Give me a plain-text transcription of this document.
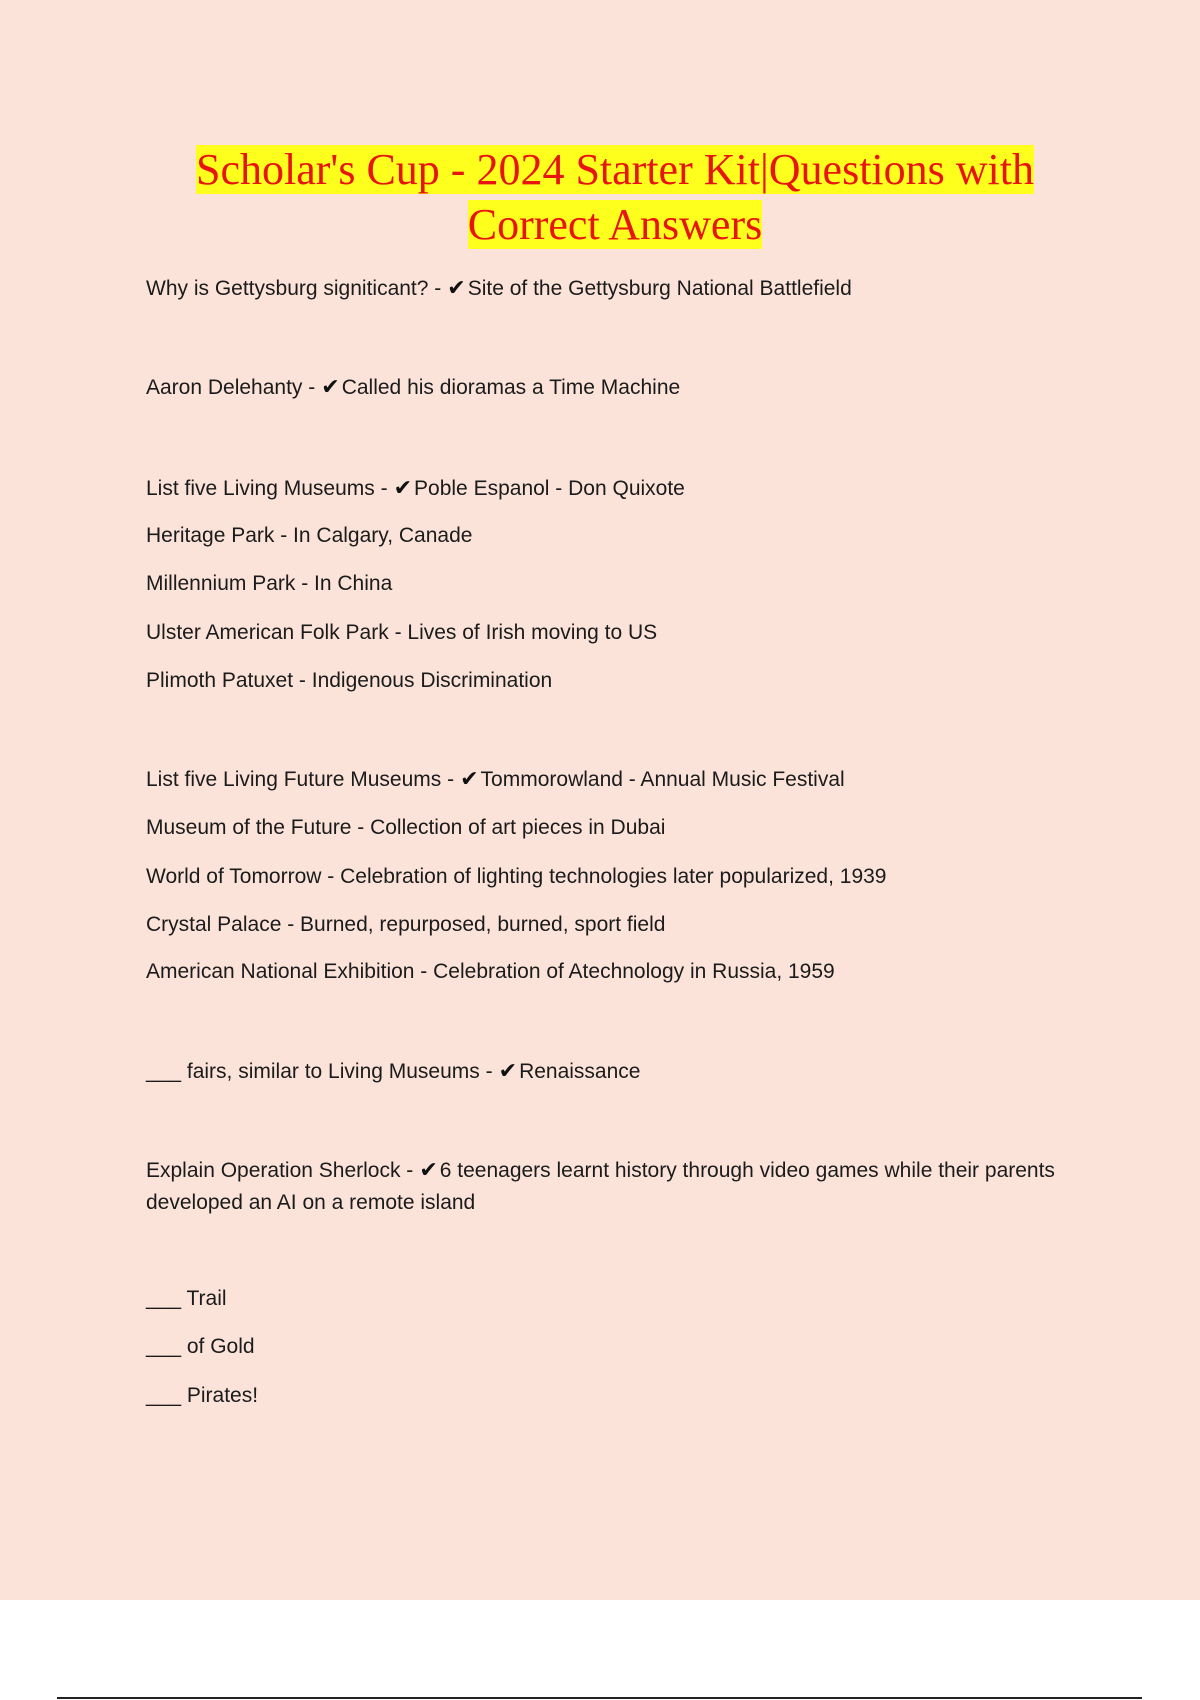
Scholar's Cup - 2024 Starter Kit|Questions with
Correct Answers
Why is Gettysburg signiticant? - ✔Site of the Gettysburg National Battlefield
Aaron Delehanty - ✔Called his dioramas a Time Machine
List five Living Museums - ✔Poble Espanol - Don Quixote
Heritage Park - In Calgary, Canade
Millennium Park - In China
Ulster American Folk Park - Lives of Irish moving to US
Plimoth Patuxet - Indigenous Discrimination
List five Living Future Museums - ✔Tommorowland - Annual Music Festival
Museum of the Future - Collection of art pieces in Dubai
World of Tomorrow - Celebration of lighting technologies later popularized, 1939
Crystal Palace - Burned, repurposed, burned, sport field
American National Exhibition - Celebration of Atechnology in Russia, 1959
___ fairs, similar to Living Museums - ✔Renaissance
Explain Operation Sherlock - ✔6 teenagers learnt history through video games while their parents developed an AI on a remote island
___ Trail
___ of Gold
___ Pirates!
